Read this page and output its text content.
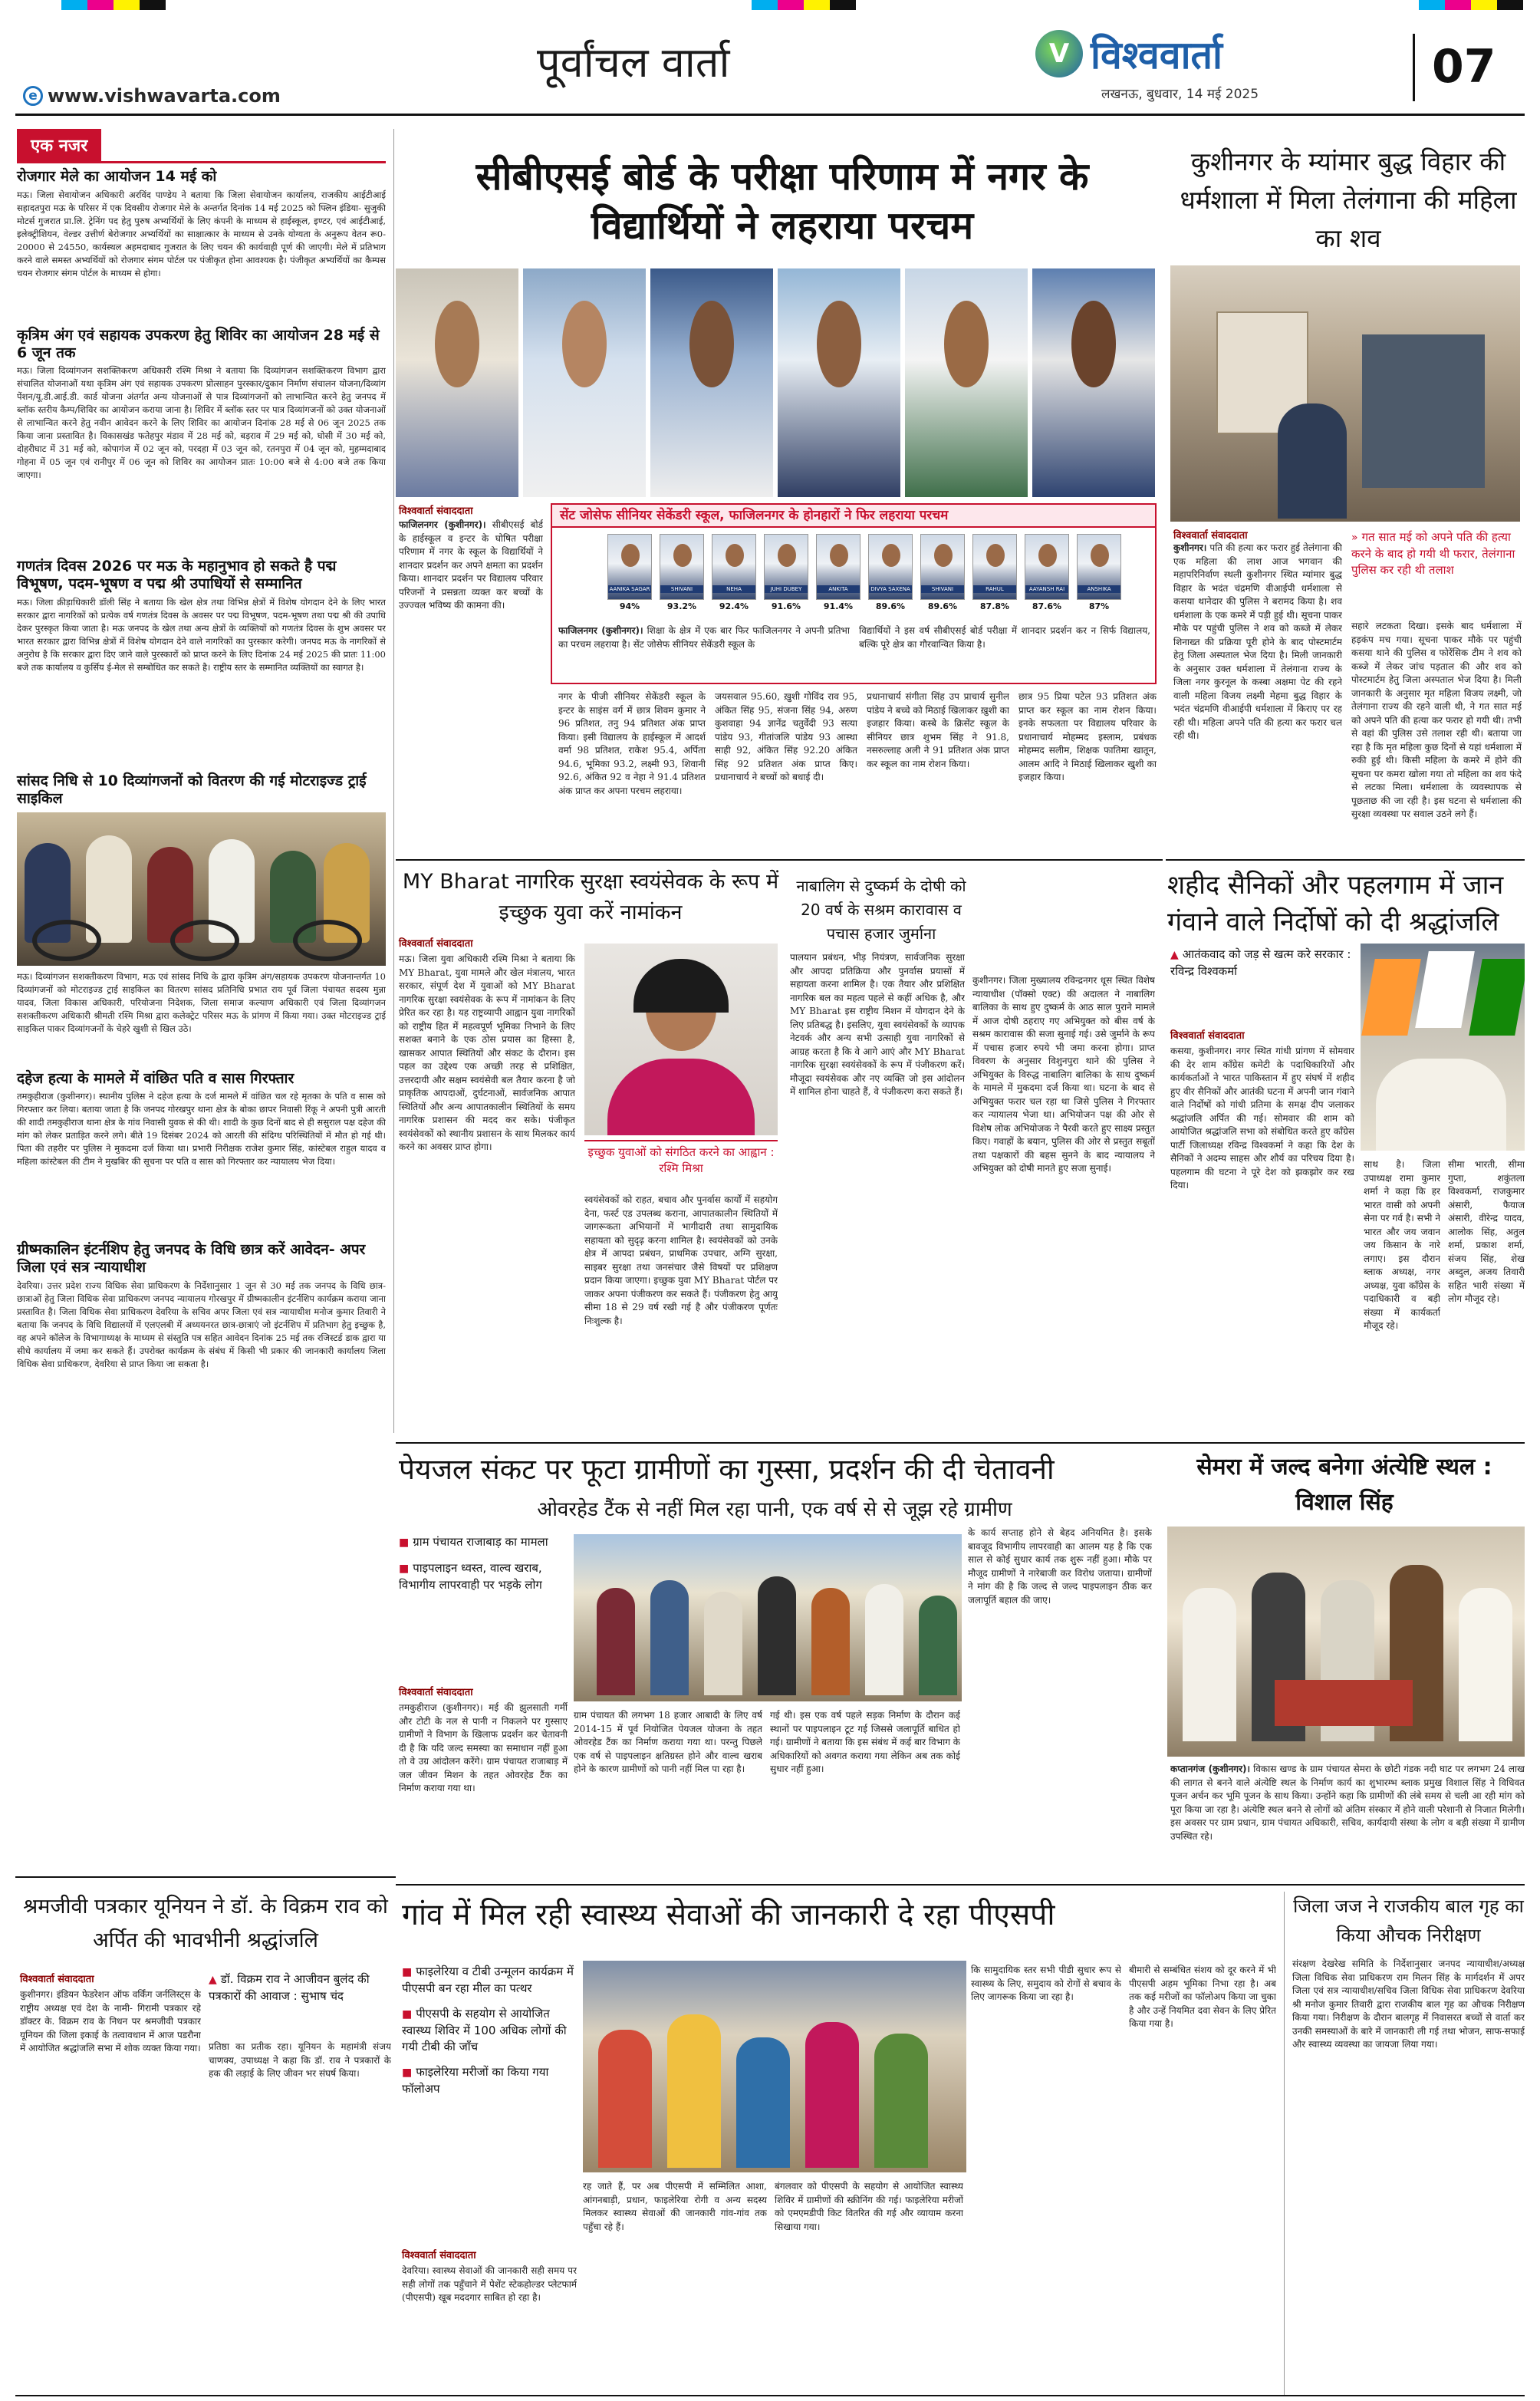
e www.vishwavarta.com
पूर्वांचल वार्ता	V विश्ववार्ता
लखनऊ, बुधवार, 14 मई 2025
07
एक नजर
रोजगार मेले का आयोजन 14 मई को
मऊ। जिला सेवायोजन अधिकारी अरविंद पाण्डेय ने बताया कि जिला सेवायोजन कार्यालय, राजकीय आईटीआई सहादतपुरा मऊ के परिसर में एक दिवसीय रोजगार मेले के अन्तर्गत दिनांक 14 मई 2025 को फ्लिन इंडिया- सुजुकी मोटर्स गुजरात प्रा.लि. ट्रेनिंग पद हेतु पुरुष अभ्यर्थियों के लिए कंपनी के माध्यम से हाईस्कूल, इण्टर, एवं आईटीआई, इलेक्ट्रीशियन, वेल्डर उत्तीर्ण बेरोजगार अभ्यर्थियों का साक्षात्कार के माध्यम से उनके योग्यता के अनुरूप वेतन रू0-20000 से 24550, कार्यस्थल अहमदाबाद गुजरात के लिए चयन की कार्यवाही पूर्ण की जाएगी। मेले में प्रतिभाग करने वाले समस्त अभ्यर्थियों को रोजगार संगम पोर्टल पर पंजीकृत होना आवश्यक है। पंजीकृत अभ्यर्थियों का कैम्पस चयन रोजगार संगम पोर्टल के माध्यम से होगा।
कृत्रिम अंग एवं सहायक उपकरण हेतु शिविर का आयोजन 28 मई से 6 जून तक
मऊ। जिला दिव्यांगजन सशक्तिकरण अधिकारी रश्मि मिश्रा ने बताया कि दिव्यांगजन सशक्तिकरण विभाग द्वारा संचालित योजनाओं यथा कृत्रिम अंग एवं सहायक उपकरण प्रोत्साहन पुरस्कार/दुकान निर्माण संचालन योजना/दिव्यांग पेंशन/यू.डी.आई.डी. कार्ड योजना अंतर्गत अन्य योजनाओं से पात्र दिव्यांगजनों को लाभान्वित करने हेतु जनपद में ब्लॉक स्तरीय कैम्प/शिविर का आयोजन कराया जाना है। शिविर में ब्लॉक स्तर पर पात्र दिव्यांगजनों को उक्त योजनाओं से लाभान्वित करने हेतु नवीन आवेदन करने के लिए शिविर का आयोजन दिनांक 28 मई से 06 जून 2025 तक किया जाना प्रस्तावित है। विकासखंड फतेहपुर मंडाव में 28 मई को, बड़राव में 29 मई को, घोसी में 30 मई को, दोहरीघाट में 31 मई को, कोपागंज में 02 जून को, परदहा में 03 जून को, रतनपुरा में 04 जून को, मुहम्मदाबाद गोहना में 05 जून एवं रानीपुर में 06 जून को शिविर का आयोजन प्रातः 10:00 बजे से 4:00 बजे तक किया जाएगा।
गणतंत्र दिवस 2026 पर मऊ के महानुभाव हो सकते है पद्म विभूषण, पदम-भूषण व पद्म श्री उपाधियों से सम्मानित
मऊ। जिला क्रीड़ाधिकारी डॉली सिंह ने बताया कि खेल क्षेत्र तथा विभिन्न क्षेत्रों में विशेष योगदान देने के लिए भारत सरकार द्वारा नागरिकों को प्रत्येक वर्ष गणतंत्र दिवस के अवसर पर पद्म विभूषण, पदम-भूषण तथा पद्म श्री की उपाधि देकर पुरस्कृत किया जाता है। मऊ जनपद के खेल तथा अन्य क्षेत्रों के व्यक्तियों को गणतंत्र दिवस के शुभ अवसर पर भारत सरकार द्वारा विभिन्न क्षेत्रों में विशेष योगदान देने वाले नागरिकों का पुरस्कार करेगी। जनपद मऊ के नागरिकों से अनुरोध है कि सरकार द्वारा दिए जाने वाले पुरस्कारों को प्राप्त करने के लिए दिनांक 24 मई 2025 की प्रातः 11:00 बजे तक कार्यालय व कुर्सिय ई-मेल से सम्बोधित कर सकते है। राष्ट्रीय स्तर के सम्मानित व्यक्तियों का स्वागत है।
सांसद निधि से 10 दिव्यांगजनों को वितरण की गई मोटराइज्ड ट्राई साइकिल
मऊ। दिव्यांगजन सशक्तीकरण विभाग, मऊ एवं सांसद निधि के द्वारा कृत्रिम अंग/सहायक उपकरण योजनान्तर्गत 10 दिव्यांगजनों को मोटराइज्ड ट्राई साइकिल का वितरण सांसद प्रतिनिधि प्रभात राय पूर्व जिला पंचायत सदस्य मुन्ना यादव, जिला विकास अधिकारी, परियोजना निदेशक, जिला समाज कल्याण अधिकारी एवं जिला दिव्यांगजन सशक्तीकरण अधिकारी श्रीमती रश्मि मिश्रा द्वारा कलेक्ट्रेट परिसर मऊ के प्रांगण में किया गया। उक्त मोटराइज्ड ट्राई साइकिल पाकर दिव्यांगजनों के चेहरे खुशी से खिल उठे।
दहेज हत्या के मामले में वांछित पति व सास गिरफ्तार
तमकुहीराज (कुशीनगर)। स्थानीय पुलिस ने दहेज हत्या के दर्ज मामले में वांछित चल रहे मृतका के पति व सास को गिरफ्तार कर लिया। बताया जाता है कि जनपद गोरखपुर थाना क्षेत्र के बोका छापर निवासी रिंकू ने अपनी पुत्री आरती की शादी तमकुहीराज थाना क्षेत्र के गांव निवासी युवक से की थी। शादी के कुछ दिनों बाद से ही ससुराल पक्ष दहेज की मांग को लेकर प्रताड़ित करने लगे। बीते 19 दिसंबर 2024 को आरती की संदिग्ध परिस्थितियों में मौत हो गई थी। पिता की तहरीर पर पुलिस ने मुकदमा दर्ज किया था। प्रभारी निरीक्षक राजेश कुमार सिंह, कांस्टेबल राहुल यादव व महिला कांस्टेबल की टीम ने मुखबिर की सूचना पर पति व सास को गिरफ्तार कर न्यायालय भेज दिया।
ग्रीष्मकालिन इंटर्नशिप हेतु जनपद के विधि छात्र करें आवेदन- अपर जिला एवं सत्र न्यायाधीश
देवरिया। उत्तर प्रदेश राज्य विधिक सेवा प्राधिकरण के निर्देशानुसार 1 जून से 30 मई तक जनपद के विधि छात्र-छात्राओं हेतु जिला विधिक सेवा प्राधिकरण जनपद न्यायालय गोरखपुर में ग्रीष्मकालीन इंटर्नशिप कार्यक्रम कराया जाना प्रस्तावित है। जिला विधिक सेवा प्राधिकरण देवरिया के सचिव अपर जिला एवं सत्र न्यायाधीश मनोज कुमार तिवारी ने बताया कि जनपद के विधि विद्यालयों में एलएलबी में अध्ययनरत छात्र-छात्राएं जो इंटर्नशिप में प्रतिभाग हेतु इच्छुक है, वह अपने कॉलेज के विभागाध्यक्ष के माध्यम से संस्तुति पत्र सहित आवेदन दिनांक 25 मई तक रजिस्टर्ड डाक द्वारा या सीधे कार्यालय में जमा कर सकते हैं। उपरोक्त कार्यक्रम के संबंध में किसी भी प्रकार की जानकारी कार्यालय जिला विधिक सेवा प्राधिकरण, देवरिया से प्राप्त किया जा सकता है।
सीबीएसई बोर्ड के परीक्षा परिणाम में नगर के विद्यार्थियों ने लहराया परचम
विश्ववार्ता संवाददाता
फाजिलनगर (कुशीनगर)। सीबीएसई बोर्ड के हाईस्कूल व इन्टर के घोषित परीक्षा परिणाम में नगर के स्कूल के विद्यार्थियों ने शानदार प्रदर्शन कर अपने क्षमता का प्रदर्शन किया। शानदार प्रदर्शन पर विद्यालय परिवार परिजनों ने प्रसन्नता व्यक्त कर बच्चों के उज्ज्वल भविष्य की कामना की।
सेंट जोसेफ सीनियर सेकेंडरी स्कूल, फाजिलनगर के होनहारों ने फिर लहराया परचम
AANIKA SAGAR
94%
SHIVANI
93.2%
NEHA
92.4%
JUHI DUBEY
91.6%
ANKITA
91.4%
DIVYA SAXENA
89.6%
SHIVANI
89.6%
RAHUL
87.8%
AAYANSH RAI
87.6%
ANSHIKA
87%
फाजिलनगर (कुशीनगर)। शिक्षा के क्षेत्र में एक बार फिर फाजिलनगर ने अपनी प्रतिभा का परचम लहराया है। सेंट जोसेफ सीनियर सेकेंडरी स्कूल के
विद्यार्थियों ने इस वर्ष सीबीएसई बोर्ड परीक्षा में शानदार प्रदर्शन कर न सिर्फ विद्यालय, बल्कि पूरे क्षेत्र का गौरवान्वित किया है।
नगर के पीजी सीनियर सेकेंडरी स्कूल के इन्टर के साइंस वर्ग में छात्र शिवम कुमार ने 96 प्रतिशत, तनु 94 प्रतिशत अंक प्राप्त किया। इसी विद्यालय के हाईस्कूल में आदर्श वर्मा 98 प्रतिशत, राकेश 95.4, अर्पिता 94.6, भूमिका 93.2, लक्ष्मी 93, शिवानी 92.6, अंकित 92 व नेहा ने 91.4 प्रतिशत अंक प्राप्त कर अपना परचम लहराया।
जयसवाल 95.60, ख़ुशी गोविंद राव 95, अंकित सिंह 95, संजना सिंह 94, अरुण कुशवाहा 94 ज्ञानेंद्र चतुर्वेदी 93 सत्या पांडेय 93, गीतांजलि पांडेय 93 आस्था साही 92, अंकित सिंह 92.20 अंकित सिंह 92 प्रतिशत अंक प्राप्त किए।प्रधानाचार्य ने बच्चों को बधाई दी।
प्रधानाचार्य संगीता सिंह उप प्राचार्य सुनील पांडेय ने बच्चे को मिठाई खिलाकर ख़ुशी का इजहार किया। कस्बे के क्रिसेंट स्कूल के सीनियर छात्र शुभम सिंह ने 91.8, नसरुल्लाह अली ने 91 प्रतिशत अंक प्राप्त कर स्कूल का नाम रोशन किया।
छात्र 95 प्रिया पटेल 93 प्रतिशत अंक प्राप्त कर स्कूल का नाम रोशन किया। इनके सफलता पर विद्यालय परिवार के प्रधानाचार्य मोहम्मद इस्लाम, प्रबंधक मोहम्मद सलीम, शिक्षक फातिमा खातून, आलम आदि ने मिठाई खिलाकर खुशी का इजहार किया।
कुशीनगर के म्यांमार बुद्ध विहार की धर्मशाला में मिला तेलंगाना की महिला का शव
विश्ववार्ता संवाददाता
कुशीनगर। पति की हत्या कर फरार हुई तेलंगाना की एक महिला की लाश आज भगवान की महापरिनिर्वाण स्थली कुशीनगर स्थित म्यांमार बुद्ध विहार के भदंत चंद्रमणि वीआईपी धर्मशाला से कसया थानेदार की पुलिस ने बरामद किया है। शव धर्मशाला के एक कमरे में पड़ी हुई थी। सूचना पाकर मौके पर पहुंची पुलिस ने शव को कब्जे में लेकर शिनाख्त की प्रक्रिया पूरी होने के बाद पोस्टमार्टम हेतु जिला अस्पताल भेज दिया है। मिली जानकारी के अनुसार उक्त धर्मशाला में तेलंगाना राज्य के जिला नगर कुरनूल के कस्बा अक्षमा पेट की रहने वाली महिला विजय लक्ष्मी मेहमा बुद्ध विहार के भदंत चंद्रमणि वीआईपी धर्मशाला में किराए पर रह रही थी। महिला अपने पति की हत्या कर फरार चल रही थी।
» गत सात मई को अपने पति की हत्या करने के बाद हो गयी थी फरार, तेलंगाना पुलिस कर रही थी तलाश
सहारे लटकता दिखा। इसके बाद धर्मशाला में हड़कंप मच गया। सूचना पाकर मौके पर पहुंची कसया थाने की पुलिस व फोरेंसिक टीम ने शव को कब्जे में लेकर जांच पड़ताल की और शव को पोस्टमार्टम हेतु जिला अस्पताल भेज दिया है। मिली जानकारी के अनुसार मृत महिला विजय लक्ष्मी, जो तेलंगाना राज्य की रहने वाली थी, ने गत सात मई को अपने पति की हत्या कर फरार हो गयी थी। तभी से वहां की पुलिस उसे तलाश रही थी। बताया जा रहा है कि मृत महिला कुछ दिनों से यहां धर्मशाला में रुकी हुई थी। किसी महिला के कमरे में होने की सूचना पर कमरा खोला गया तो महिला का शव फंदे से लटका मिला। धर्मशाला के व्यवस्थापक से पूछताछ की जा रही है। इस घटना से धर्मशाला की सुरक्षा व्यवस्था पर सवाल उठने लगे हैं।
MY Bharat नागरिक सुरक्षा स्वयंसेवक के रूप में इच्छुक युवा करें नामांकन
विश्ववार्ता संवाददाता
मऊ। जिला युवा अधिकारी रश्मि मिश्रा ने बताया कि MY Bharat, युवा मामले और खेल मंत्रालय, भारत सरकार, संपूर्ण देश में युवाओं को MY Bharat नागरिक सुरक्षा स्वयंसेवक के रूप में नामांकन के लिए प्रेरित कर रहा है। यह राष्ट्रव्यापी आह्वान युवा नागरिकों को राष्ट्रीय हित में महत्वपूर्ण भूमिका निभाने के लिए सशक्त बनाने के एक ठोस प्रयास का हिस्सा है, खासकर आपात स्थितियों और संकट के दौरान। इस पहल का उद्देश्य एक अच्छी तरह से प्रशिक्षित, उत्तरदायी और सक्षम स्वयंसेवी बल तैयार करना है जो प्राकृतिक आपदाओं, दुर्घटनाओं, सार्वजनिक आपात स्थितियों और अन्य आपातकालीन स्थितियों के समय नागरिक प्रशासन की मदद कर सके। पंजीकृत स्वयंसेवकों को स्थानीय प्रशासन के साथ मिलकर कार्य करने का अवसर प्राप्त होगा।	इच्छुक युवाओं को संगठित करने का आह्वान : रश्मि मिश्रा
स्वयंसेवकों को राहत, बचाव और पुनर्वास कार्यों में सहयोग देना, फर्स्ट एड उपलब्ध कराना, आपातकालीन स्थितियों में जागरूकता अभियानों में भागीदारी तथा सामुदायिक सहायता को सुदृढ़ करना शामिल है। स्वयंसेवकों को उनके क्षेत्र में आपदा प्रबंधन, प्राथमिक उपचार, अग्नि सुरक्षा, साइबर सुरक्षा तथा जनसंचार जैसे विषयों पर प्रशिक्षण प्रदान किया जाएगा। इच्छुक युवा MY Bharat पोर्टल पर जाकर अपना पंजीकरण कर सकते हैं। पंजीकरण हेतु आयु सीमा 18 से 29 वर्ष रखी गई है और पंजीकरण पूर्णतः निःशुल्क है।
नाबालिग से दुष्कर्म के दोषी को 20 वर्ष के सश्रम कारावास व पचास हजार जुर्माना
पालयान प्रबंधन, भीड़ नियंत्रण, सार्वजनिक सुरक्षा और आपदा प्रतिक्रिया और पुनर्वास प्रयासों में सहायता करना शामिल है। एक तैयार और प्रशिक्षित नागरिक बल का महत्व पहले से कहीं अधिक है, और MY Bharat इस राष्ट्रीय मिशन में योगदान देने के लिए प्रतिबद्ध है। इसलिए, युवा स्वयंसेवकों के व्यापक नेटवर्क और अन्य सभी उत्साही युवा नागरिकों से आग्रह करता है कि वे आगे आएं और MY Bharat नागरिक सुरक्षा स्वयंसेवकों के रूप में पंजीकरण करें। मौजूदा स्वयंसेवक और नए व्यक्ति जो इस आंदोलन में शामिल होना चाहते हैं, वे पंजीकरण करा सकते हैं।
कुशीनगर। जिला मुख्यालय रविन्द्रनगर धूस स्थित विशेष न्यायाधीश (पॉक्सो एक्ट) की अदालत ने नाबालिग बालिका के साथ हुए दुष्कर्म के आठ साल पुराने मामले में आज दोषी ठहराए गए अभियुक्त को बीस वर्ष के सश्रम कारावास की सजा सुनाई गई। उसे जुर्माने के रूप में पचास हजार रुपये भी जमा करना होगा। प्राप्त विवरण के अनुसार विशुनपुरा थाने की पुलिस ने अभियुक्त के विरुद्ध नाबालिग बालिका के साथ दुष्कर्म के मामले में मुकदमा दर्ज किया था। घटना के बाद से अभियुक्त फरार चल रहा था जिसे पुलिस ने गिरफ्तार कर न्यायालय भेजा था। अभियोजन पक्ष की ओर से विशेष लोक अभियोजक ने पैरवी करते हुए साक्ष्य प्रस्तुत किए। गवाहों के बयान, पुलिस की ओर से प्रस्तुत सबूतों तथा पक्षकारों की बहस सुनने के बाद न्यायालय ने अभियुक्त को दोषी मानते हुए सजा सुनाई।
शहीद सैनिकों और पहलगाम में जान गंवाने वाले निर्दोषों को दी श्रद्धांजलि
▲ आतंकवाद को जड़ से खत्म करे सरकार : रविन्द्र विश्वकर्मा
विश्ववार्ता संवाददाता
कसया, कुशीनगर। नगर स्थित गांधी प्रांगण में सोमवार की देर शाम काँग्रेस कमेटी के पदाधिकारियों और कार्यकर्ताओं ने भारत पाकिस्तान में हुए संघर्ष में शहीद हुए वीर सैनिकों और आतंकी घटना में अपनी जान गंवाने वाले निर्दोषों को गांधी प्रतिमा के समक्ष दीप जलाकर श्रद्धांजलि अर्पित की गई। सोमवार की शाम को आयोजित श्रद्धांजलि सभा को संबोधित करते हुए काँग्रेस पार्टी जिलाध्यक्ष रविन्द्र विश्वकर्मा ने कहा कि देश के सैनिकों ने अदम्य साहस और शौर्य का परिचय दिया है। पहलगाम की घटना ने पूरे देश को झकझोर कर रख दिया।
साथ है। जिला उपाध्यक्ष रामा कुमार शर्मा ने कहा कि हर भारत वासी को अपनी सेना पर गर्व है। सभी ने भारत और जय जवान जय किसान के नारे लगाए। इस दौरान ब्लाक अध्यक्ष, नगर अध्यक्ष, युवा काँग्रेस के पदाधिकारी व बड़ी संख्या में कार्यकर्ता मौजूद रहे।
सीमा भारती, सीमा गुप्ता, शकुंतला विश्वकर्मा, राजकुमार अंसारी, फैयाज अंसारी, वीरेन्द्र यादव, आलोक सिंह, अतुल शर्मा, प्रकाश शर्मा, संजय सिंह, शेख अब्दुल, अजय तिवारी सहित भारी संख्या में लोग मौजूद रहे।
पेयजल संकट पर फूटा ग्रामीणों का गुस्सा, प्रदर्शन की दी चेतावनी
ओवरहेड टैंक से नहीं मिल रहा पानी, एक वर्ष से से जूझ रहे ग्रामीण
■ ग्राम पंचायत राजाबाड़ का मामला
■ पाइपलाइन ध्वस्त, वाल्व खराब, विभागीय लापरवाही पर भड़के लोग
विश्ववार्ता संवाददाता
तमकुहीराज (कुशीनगर)। मई की झुलसाती गर्मी और टोटी के नल से पानी न निकलने पर गुस्साए ग्रामीणों ने विभाग के खिलाफ प्रदर्शन कर चेतावनी दी है कि यदि जल्द समस्या का समाधान नहीं हुआ तो वे उग्र आंदोलन करेंगे। ग्राम पंचायत राजाबाड़ में जल जीवन मिशन के तहत ओवरहेड टैंक का निर्माण कराया गया था।
ग्राम पंचायत की लगभग 18 हजार आबादी के लिए वर्ष 2014-15 में पूर्व नियोजित पेयजल योजना के तहत ओवरहेड टैंक का निर्माण कराया गया था। परन्तु पिछले एक वर्ष से पाइपलाइन क्षतिग्रस्त होने और वाल्व खराब होने के कारण ग्रामीणों को पानी नहीं मिल पा रहा है।
गई थी। इस एक वर्ष पहले सड़क निर्माण के दौरान कई स्थानों पर पाइपलाइन टूट गई जिससे जलापूर्ति बाधित हो गई। ग्रामीणों ने बताया कि इस संबंध में कई बार विभाग के अधिकारियों को अवगत कराया गया लेकिन अब तक कोई सुधार नहीं हुआ।
के कार्य सप्ताह होने से बेहद अनियमित है। इसके बावजूद विभागीय लापरवाही का आलम यह है कि एक साल से कोई सुधार कार्य तक शुरू नहीं हुआ। मौके पर मौजूद ग्रामीणों ने नारेबाजी कर विरोध जताया। ग्रामीणों ने मांग की है कि जल्द से जल्द पाइपलाइन ठीक कर जलापूर्ति बहाल की जाए।
सेमरा में जल्द बनेगा अंत्येष्टि स्थल : विशाल सिंह
कप्तानगंज (कुशीनगर)। विकास खण्ड के ग्राम पंचायत सेमरा के छोटी गंडक नदी घाट पर लगभग 24 लाख की लागत से बनने वाले अंत्येष्टि स्थल के निर्माण कार्य का शुभारम्भ ब्लाक प्रमुख विशाल सिंह ने विधिवत पूजन अर्चन कर भूमि पूजन के साथ किया। उन्होंने कहा कि ग्रामीणों की लंबे समय से चली आ रही मांग को पूरा किया जा रहा है। अंत्येष्टि स्थल बनने से लोगों को अंतिम संस्कार में होने वाली परेशानी से निजात मिलेगी। इस अवसर पर ग्राम प्रधान, ग्राम पंचायत अधिकारी, सचिव, कार्यदायी संस्था के लोग व बड़ी संख्या में ग्रामीण उपस्थित रहे।
श्रमजीवी पत्रकार यूनियन ने डॉ. के विक्रम राव को अर्पित की भावभीनी श्रद्धांजलि
विश्ववार्ता संवाददाता
कुशीनगर। इंडियन फेडरेशन ऑफ वर्किंग जर्नलिस्ट्स के राष्ट्रीय अध्यक्ष एवं देश के नामी- गिरामी पत्रकार रहे डॉक्टर के. विक्रम राव के निधन पर श्रमजीवी पत्रकार यूनियन की जिला इकाई के तत्वावधान में आज पडरौना में आयोजित श्रद्धांजलि सभा में शोक व्यक्त किया गया।
▲ डॉ. विक्रम राव ने आजीवन बुलंद की पत्रकारों की आवाज : सुभाष चंद
प्रतिष्ठा का प्रतीक रहा। यूनियन के महामंत्री संजय चाणक्य, उपाध्यक्ष ने कहा कि डॉ. राव ने पत्रकारों के हक की लड़ाई के लिए जीवन भर संघर्ष किया।
गांव में मिल रही स्वास्थ्य सेवाओं की जानकारी दे रहा पीएसपी
■ फाइलेरिया व टीबी उन्मूलन कार्यक्रम में पीएसपी बन रहा मील का पत्थर
■ पीएसपी के सहयोग से आयोजित स्वास्थ्य शिविर में 100 अधिक लोगों की गयी टीबी की जाँच
■ फाइलेरिया मरीजों का किया गया फॉलोअप
विश्ववार्ता संवाददाता
देवरिया। स्वास्थ्य सेवाओं की जानकारी सही समय पर सही लोगों तक पहुँचाने में पेशेंट स्टेकहोल्डर प्लेटफार्म (पीएसपी) खूब मददगार साबित हो रहा है।
रह जाते हैं, पर अब पीएसपी में सम्मिलित आशा, आंगनबाड़ी, प्रधान, फाइलेरिया रोगी व अन्य सदस्य मिलकर स्वास्थ्य सेवाओं की जानकारी गांव-गांव तक पहुँचा रहे हैं।
बंगलवार को पीएसपी के सहयोग से आयोजित स्वास्थ्य शिविर में ग्रामीणों की स्क्रीनिंग की गई। फाइलेरिया मरीजों को एमएमडीपी किट वितरित की गई और व्यायाम करना सिखाया गया।
कि सामुदायिक स्तर सभी पीडी सुधार रूप से स्वास्थ्य के लिए, समुदाय को रोगों से बचाव के लिए जागरूक किया जा रहा है।
बीमारी से सम्बंधित संशय को दूर करने में भी पीएसपी अहम भूमिका निभा रहा है। अब तक कई मरीजों का फॉलोअप किया जा चुका है और उन्हें नियमित दवा सेवन के लिए प्रेरित किया गया है।
जिला जज ने राजकीय बाल गृह का किया औचक निरीक्षण
संरक्षण देखरेख समिति के निर्देशानुसार जनपद न्यायाधीश/अध्यक्ष जिला विधिक सेवा प्राधिकरण राम मिलन सिंह के मार्गदर्शन में अपर जिला एवं सत्र न्यायाधीश/सचिव जिला विधिक सेवा प्राधिकरण देवरिया श्री मनोज कुमार तिवारी द्वारा राजकीय बाल गृह का औचक निरीक्षण किया गया। निरीक्षण के दौरान बालगृह में निवासरत बच्चों से वार्ता कर उनकी समस्याओं के बारे में जानकारी ली गई तथा भोजन, साफ-सफाई और स्वास्थ्य व्यवस्था का जायजा लिया गया।
